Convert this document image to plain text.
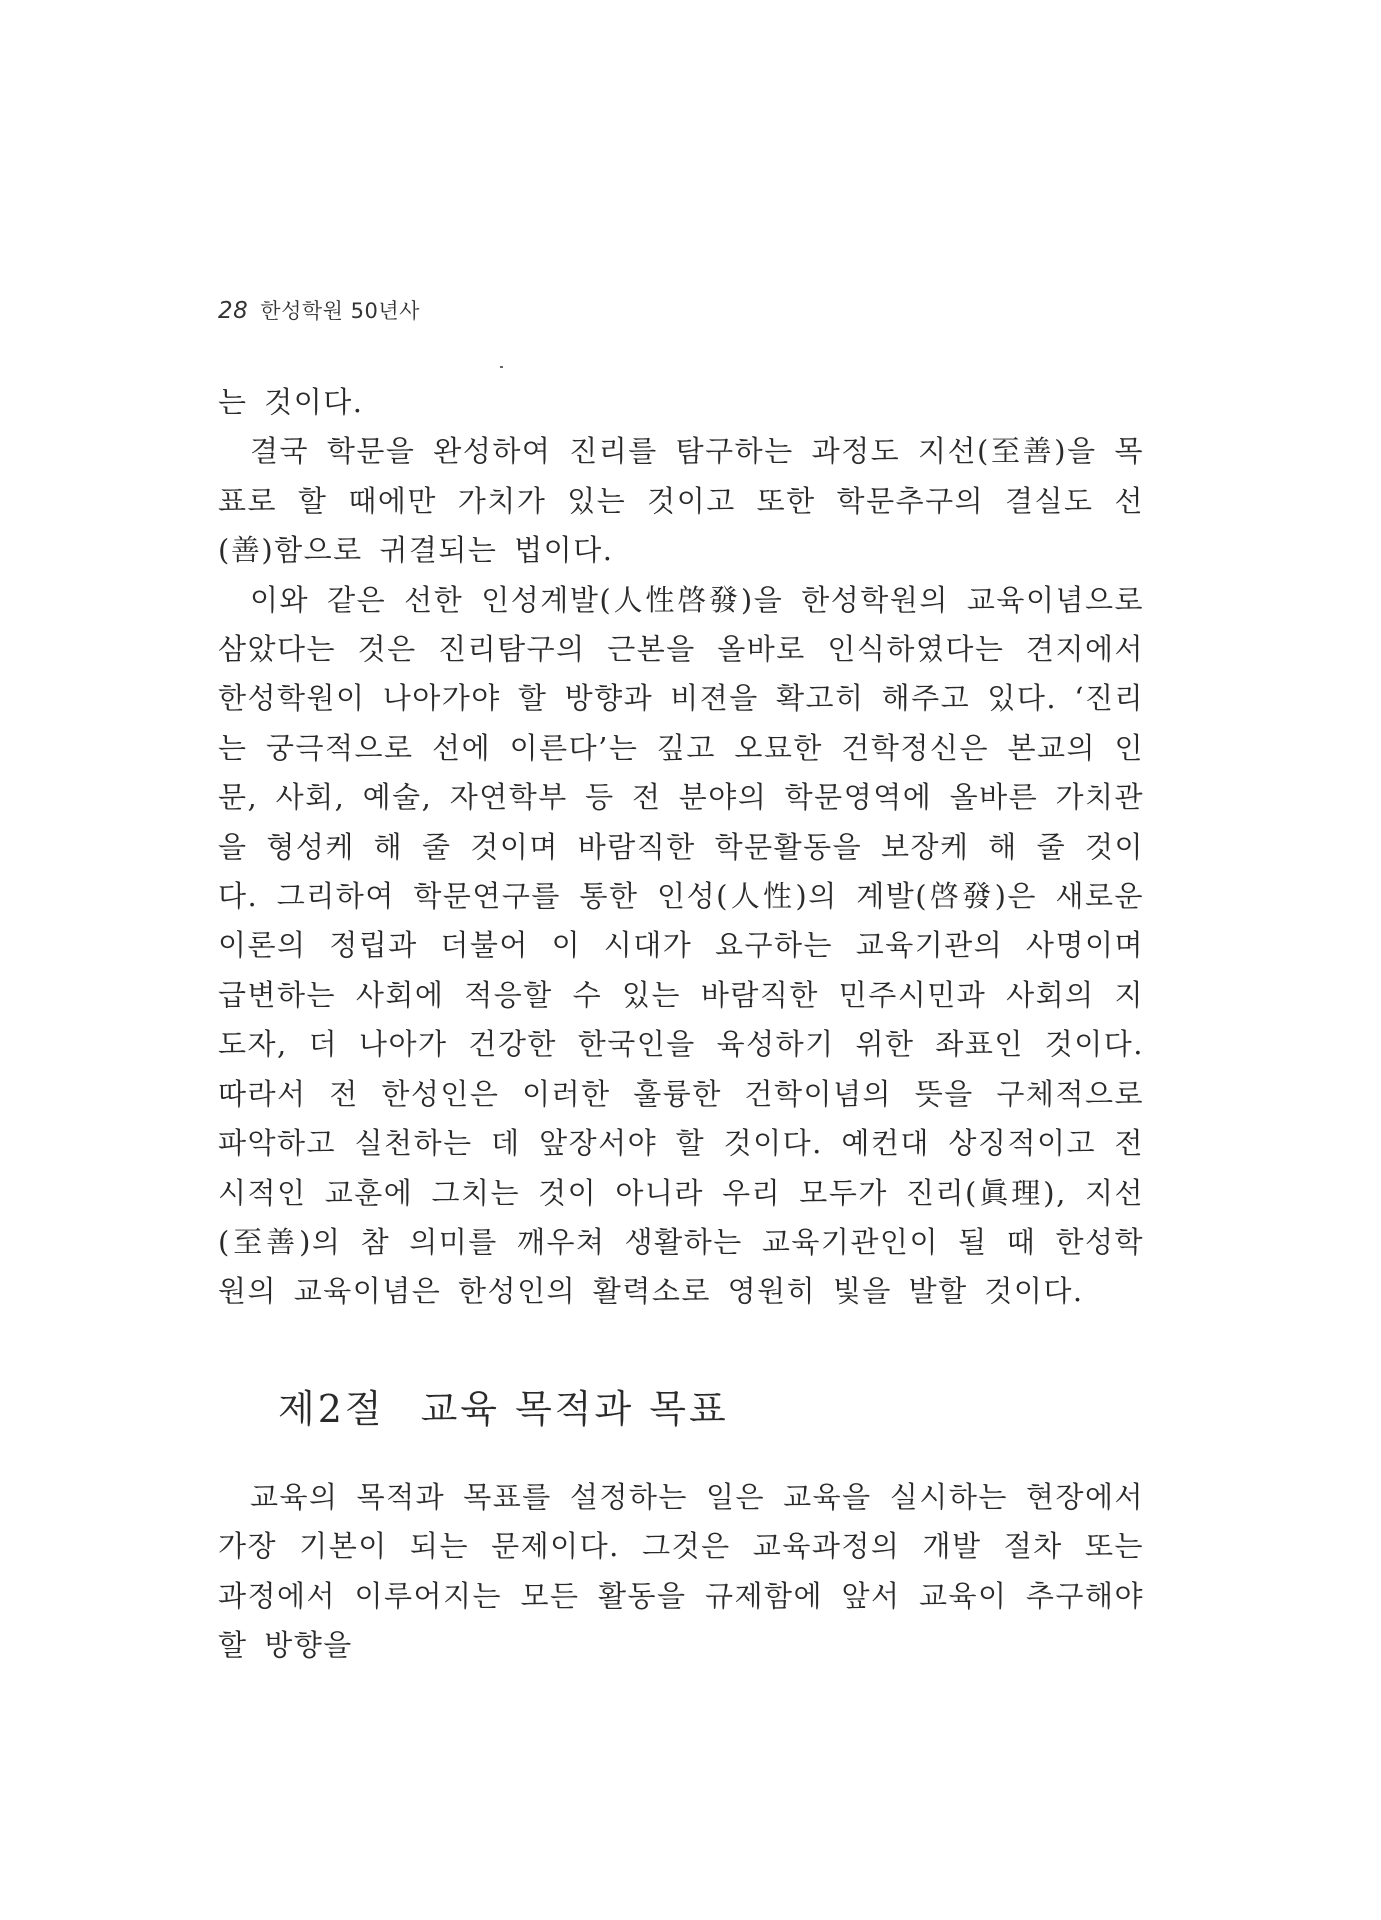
28 한성학원 50년사

는 것이다.

결국 학문을 완성하여 진리를 탐구하는 과정도 지선(至善)을 목표로 할 때에만 가치가 있는 것이고 또한 학문추구의 결실도 선(善)함으로 귀결되는 법이다.

이와 같은 선한 인성계발(人性啓發)을 한성학원의 교육이념으로 삼았다는 것은 진리탐구의 근본을 올바로 인식하였다는 견지에서 한성학원이 나아가야 할 방향과 비젼을 확고히 해주고 있다. ‘진리는 궁극적으로 선에 이른다’는 깊고 오묘한 건학정신은 본교의 인문, 사회, 예술, 자연학부 등 전 분야의 학문영역에 올바른 가치관을 형성케 해 줄 것이며 바람직한 학문활동을 보장케 해 줄 것이다. 그리하여 학문연구를 통한 인성(人性)의 계발(啓發)은 새로운 이론의 정립과 더불어 이 시대가 요구하는 교육기관의 사명이며 급변하는 사회에 적응할 수 있는 바람직한 민주시민과 사회의 지도자, 더 나아가 건강한 한국인을 육성하기 위한 좌표인 것이다. 따라서 전 한성인은 이러한 훌륭한 건학이념의 뜻을 구체적으로 파악하고 실천하는 데 앞장서야 할 것이다. 예컨대 상징적이고 전시적인 교훈에 그치는 것이 아니라 우리 모두가 진리(眞理), 지선(至善)의 참 의미를 깨우쳐 생활하는 교육기관인이 될 때 한성학원의 교육이념은 한성인의 활력소로 영원히 빛을 발할 것이다.

제2절 교육 목적과 목표

교육의 목적과 목표를 설정하는 일은 교육을 실시하는 현장에서 가장 기본이 되는 문제이다. 그것은 교육과정의 개발 절차 또는 과정에서 이루어지는 모든 활동을 규제함에 앞서 교육이 추구해야 할 방향을
